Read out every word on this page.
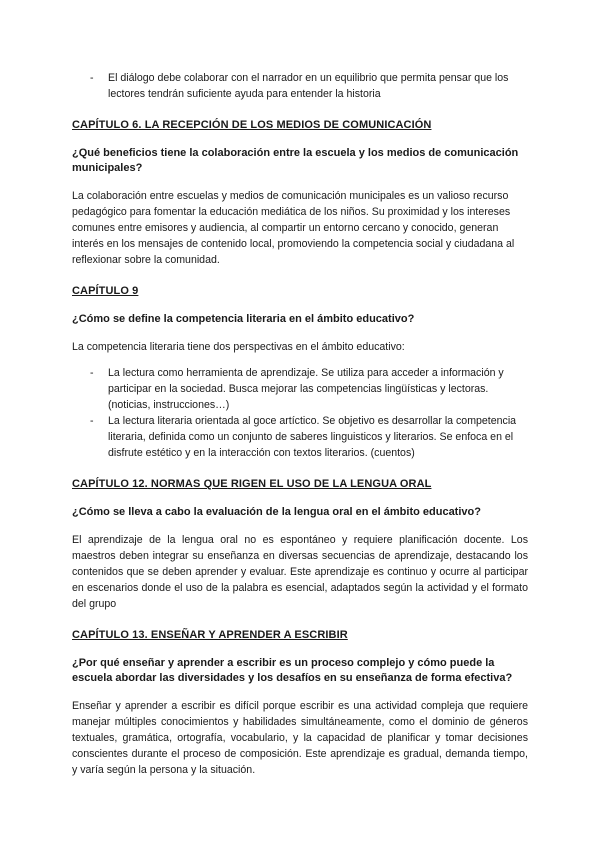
- El diálogo debe colaborar con el narrador en un equilibrio que permita pensar que los lectores tendrán suficiente ayuda para entender la historia
CAPÍTULO 6. LA RECEPCIÓN DE LOS MEDIOS DE COMUNICACIÓN
¿Qué beneficios tiene la colaboración entre la escuela y los medios de comunicación municipales?
La colaboración entre escuelas y medios de comunicación municipales es un valioso recurso pedagógico para fomentar la educación mediática de los niños. Su proximidad y los intereses comunes entre emisores y audiencia, al compartir un entorno cercano y conocido, generan interés en los mensajes de contenido local, promoviendo la competencia social y ciudadana al reflexionar sobre la comunidad.
CAPÍTULO 9
¿Cómo se define la competencia literaria en el ámbito educativo?
La competencia literaria tiene dos perspectivas en el ámbito educativo:
- La lectura como herramienta de aprendizaje. Se utiliza para acceder a información y participar en la sociedad. Busca mejorar las competencias lingüísticas y lectoras. (noticias, instrucciones…)
- La lectura literaria orientada al goce artíctico. Se objetivo es desarrollar la competencia literaria, definida como un conjunto de saberes linguisticos y literarios. Se enfoca en el disfrute estético y en la interacción con textos literarios. (cuentos)
CAPÍTULO 12. NORMAS QUE RIGEN EL USO DE LA LENGUA ORAL
¿Cómo se lleva a cabo la evaluación de la lengua oral en el ámbito educativo?
El aprendizaje de la lengua oral no es espontáneo y requiere planificación docente. Los maestros deben integrar su enseñanza en diversas secuencias de aprendizaje, destacando los contenidos que se deben aprender y evaluar. Este aprendizaje es continuo y ocurre al participar en escenarios donde el uso de la palabra es esencial, adaptados según la actividad y el formato del grupo
CAPÍTULO 13. ENSEÑAR Y APRENDER A ESCRIBIR
¿Por qué enseñar y aprender a escribir es un proceso complejo y cómo puede la escuela abordar las diversidades y los desafíos en su enseñanza de forma efectiva?
Enseñar y aprender a escribir es difícil porque escribir es una actividad compleja que requiere manejar múltiples conocimientos y habilidades simultáneamente, como el dominio de géneros textuales, gramática, ortografía, vocabulario, y la capacidad de planificar y tomar decisiones conscientes durante el proceso de composición. Este aprendizaje es gradual, demanda tiempo, y varía según la persona y la situación.
